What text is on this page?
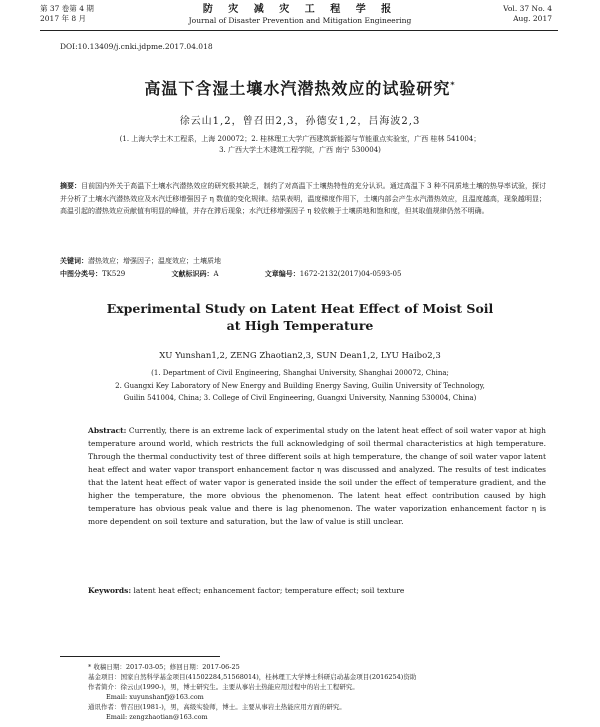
第 37 卷第 4 期
2017 年 8 月
防 灾 减 灾 工 程 学 报
Journal of Disaster Prevention and Mitigation Engineering
Vol. 37 No. 4
Aug. 2017
DOI:10.13409/j.cnki.jdpme.2017.04.018
高温下含湿土壤水汽潜热效应的试验研究*
徐云山1,2，曾召田2,3，孙德安1,2，吕海波2,3
(1. 上海大学土木工程系，上海 200072；2. 桂林理工大学广西建筑新能源与节能重点实验室，广西 桂林 541004；
3. 广西大学土木建筑工程学院，广西 南宁 530004)
摘要：目前国内外关于高温下土壤水汽潜热效应的研究极其缺乏，制约了对高温下土壤热特性的充分认识。通过高温下 3 种不同质地土壤的热导率试验，探讨并分析了土壤水汽潜热效应及水汽迁移增强因子 η 数值的变化规律。结果表明，温度梯度作用下，土壤内部会产生水汽潜热效应，且温度越高，现象越明显；高温引起的潜热效应贡献值有明显的峰值，并存在滞后现象；水汽迁移增强因子 η 较依赖于土壤质地和饱和度，但其取值规律仍然不明确。
关键词：潜热效应；增强因子；温度效应；土壤质地
中图分类号：TK529	文献标识码：A	文章编号：1672-2132(2017)04-0593-05
Experimental Study on Latent Heat Effect of Moist Soil
at High Temperature
XU Yunshan1,2, ZENG Zhaotian2,3, SUN Dean1,2, LYU Haibo2,3
(1. Department of Civil Engineering, Shanghai University, Shanghai 200072, China;
2. Guangxi Key Laboratory of New Energy and Building Energy Saving, Guilin University of Technology,
Guilin 541004, China; 3. College of Civil Engineering, Guangxi University, Nanning 530004, China)
Abstract: Currently, there is an extreme lack of experimental study on the latent heat effect of soil water vapor at high temperature around world, which restricts the full acknowledging of soil thermal characteristics at high temperature. Through the thermal conductivity test of three different soils at high temperature, the change of soil water vapor latent heat effect and water vapor transport enhancement factor η was discussed and analyzed. The results of test indicates that the latent heat effect of water vapor is generated inside the soil under the effect of temperature gradient, and the higher the temperature, the more obvious the phenomenon. The latent heat effect contribution caused by high temperature has obvious peak value and there is lag phenomenon. The water vaporization enhancement factor η is more dependent on soil texture and saturation, but the law of value is still unclear.
Keywords: latent heat effect; enhancement factor; temperature effect; soil texture
* 收稿日期：2017-03-05；修回日期：2017-06-25
基金项目：国家自然科学基金项目(41502284,51568014)，桂林理工大学博士科研启动基金项目(2016254)资助
作者简介：徐云山(1990-)，男，博士研究生。主要从事岩土热能应用过程中的岩土工程研究。
Email: xuyunshanfj@163.com
通讯作者：曾召田(1981-)，男，高级实验师，博士。主要从事岩土热能应用方面的研究。
Email: zengzhaotian@163.com
